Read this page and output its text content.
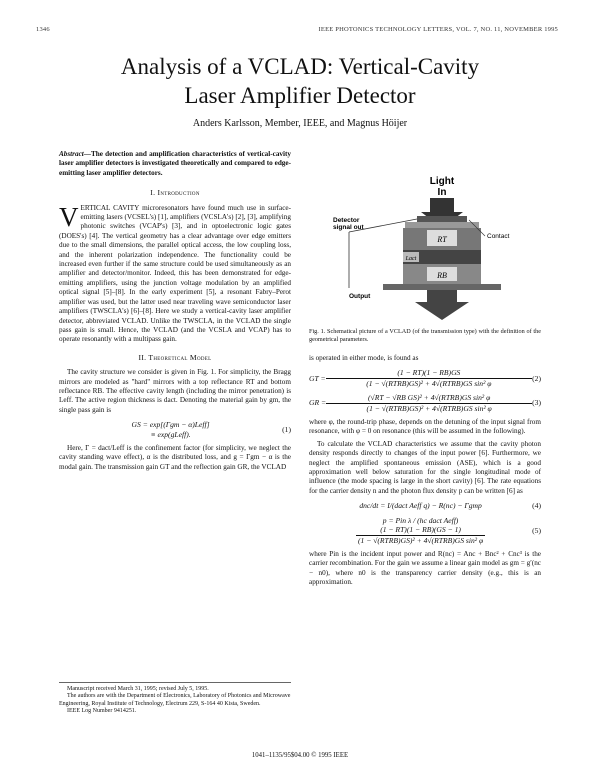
1346	IEEE PHOTONICS TECHNOLOGY LETTERS, VOL. 7, NO. 11, NOVEMBER 1995
Analysis of a VCLAD: Vertical-Cavity
Laser Amplifier Detector
Anders Karlsson, Member, IEEE, and Magnus Höijer
Abstract—The detection and amplification characteristics of vertical-cavity laser amplifier detectors is investigated theoretically and compared to edge-emitting laser amplifier detectors.
I. Introduction

VERTICAL CAVITY microresonators have found much use in surface-emitting lasers (VCSEL's) [1], amplifiers (VCSLA's) [2], [3], amplifying photonic switches (VCAP's) [3], and in optoelectronic logic gates (DOES's) [4]. The vertical geometry has a clear advantage over edge emitters due to the small dimensions, the parallel optical access, the low coupling loss, and the inherent polarization independence. The functionality could be increased even further if the same structure could be used simultaneously as an amplifier and detector/monitor. Indeed, this has been demonstrated for edge-emitting amplifiers, using the junction voltage modulation by an amplified optical signal [5]–[8]. In the early experiment [5], a resonant Fabry–Perot amplifier was used, but the latter used near traveling wave semiconductor laser amplifiers (TWSCLA's) [6]–[8]. Here we study a vertical-cavity laser amplifier detector, abbreviated VCLAD. Unlike the TWSCLA, in the VCLAD the single pass gain is small. Hence, the VCLAD (and the VCSLA and VCAP) has to operate resonantly with a multipass gain.

II. Theoretical Model

The cavity structure we consider is given in Fig. 1. For simplicity, the Bragg mirrors are modeled as "hard" mirrors with a top reflectance RT and bottom reflectance RB. The effective cavity length (including the mirror penetration) is Leff. The active region thickness is dact. Denoting the material gain by gm, the single pass gain is

GS = exp[(Γgm − α)Leff]
≡ exp(gLeff).
(1)

Here, Γ = dact/Leff is the confinement factor (for simplicity, we neglect the cavity standing wave effect), α is the distributed loss, and g = Γgm − α is the modal gain. The transmission gain GT and the reflection gain GR, the VCLAD

Manuscript received March 31, 1995; revised July 5, 1995.

The authors are with the Department of Electronics, Laboratory of Photonics and Microwave Engineering, Royal Institute of Technology, Electrum 229, S-164 40 Kista, Sweden.

IEEE Log Number 9414251.

Light
In
RT
Lact
RB
Detector
signal out
Contact
Output
Fig. 1. Schematical picture of a VCLAD (of the transmission type) with the definition of the geometrical parameters.

is operated in either mode, is found as

GT = $\frac{(1 - RT)(1 - RB)GS}{\text{(1 − √(RTRB)GS)² + 4√(RTRB)GS sin² φ}} (2)$
GR = $\frac{\text{(√RT − √RB GS)² + 4√(RTRB)GS sin² φ}}{\text{(1 − √(RTRB)GS)² + 4√(RTRB)GS sin² φ}} (3)$

where φ, the round-trip phase, depends on the detuning of the input signal from resonance, with φ = 0 on resonance (this will be assumed in the following).

To calculate the VCLAD characteristics we assume that the cavity photon density responds directly to changes of the input power [6]. Furthermore, we neglect the amplified spontaneous emission (ASE), which is a good approximation well below saturation for the single longitudinal mode of influence (the mode spacing is large in the short cavity) [6]. The rate equations for the carrier density n and the photon flux density p can be written [6] as

dnc/dt = I/(dact Aeff q) − R(nc) − Γgmp	(4)
p = Pin λ / (hc dact Aeff)
$\frac{(1 - RT)(1 - RB)(GS - 1)}{\text{(1 − √(RTRB)GS)² + 4√(RTRB)GS sin² φ}}$	(5)

where Pin is the incident input power and R(nc) = Anc + Bnc² + Cnc³ is the carrier recombination. For the gain we assume a linear gain model as gm = g′(nc − n0), where n0 is the transparency carrier density (e.g., this is an approximation.

1041–1135/95$04.00 © 1995 IEEE
